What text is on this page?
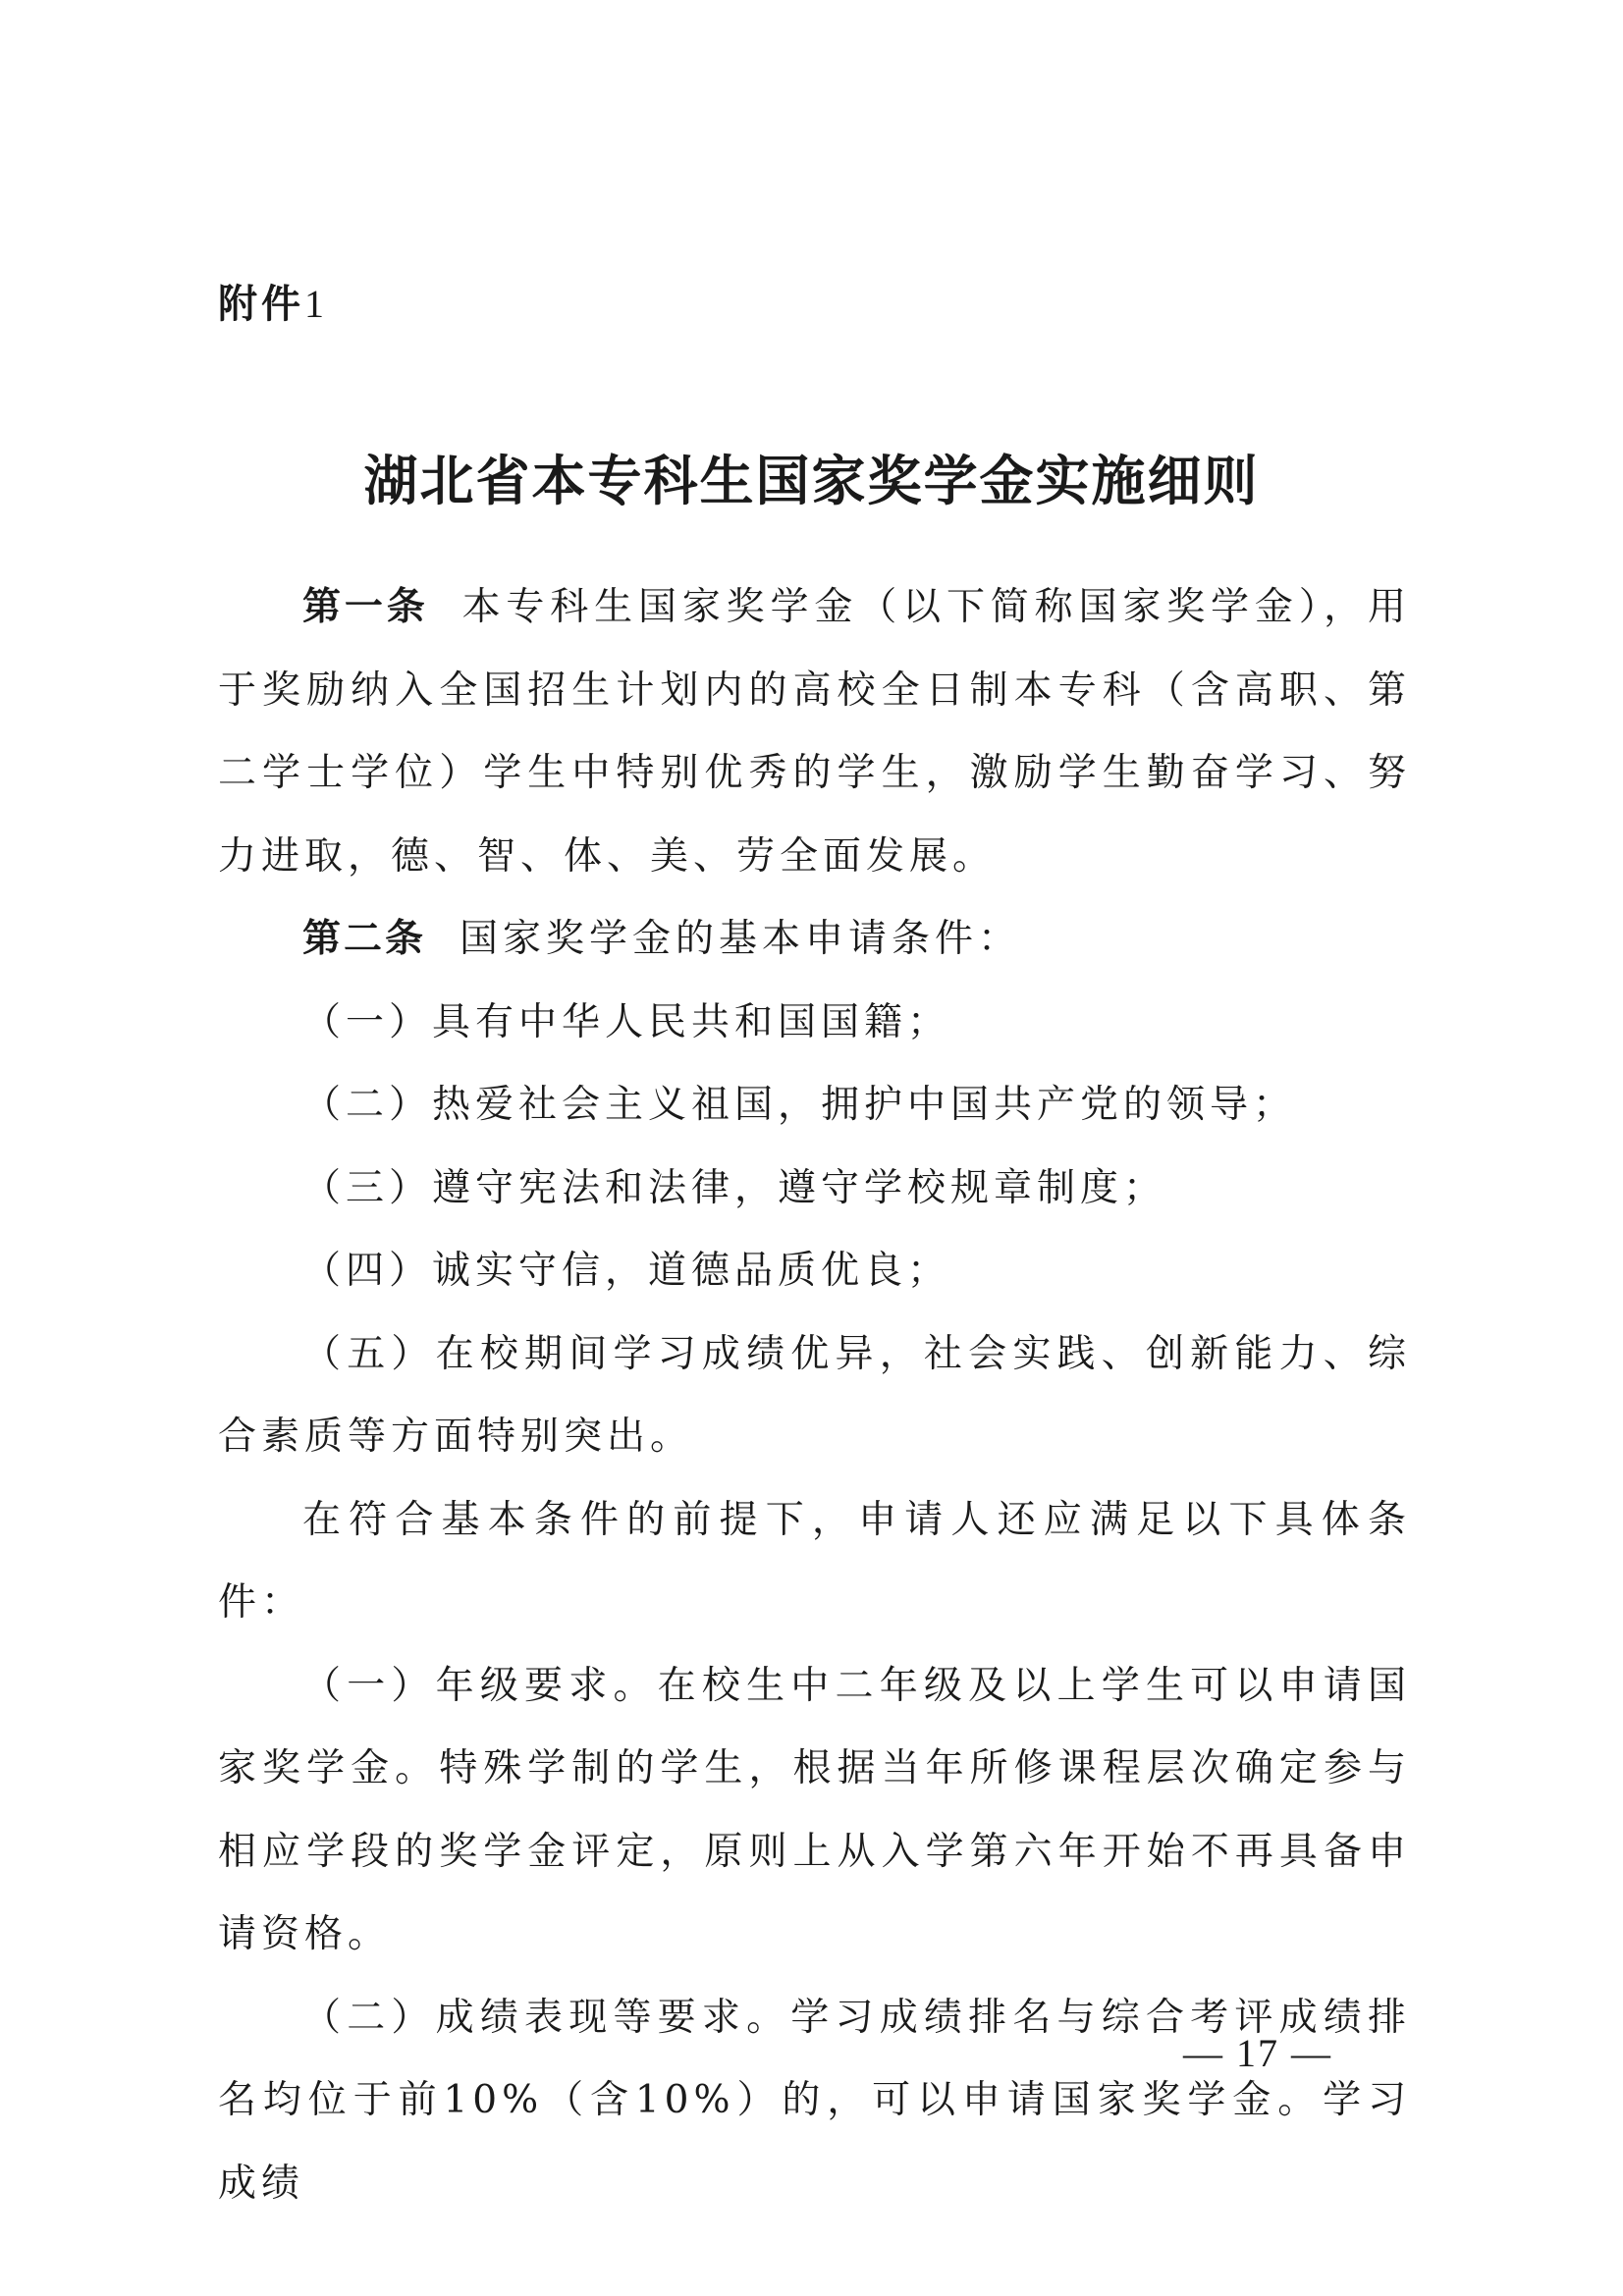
附件1
湖北省本专科生国家奖学金实施细则

第一条 本专科生国家奖学金（以下简称国家奖学金），用于奖励纳入全国招生计划内的高校全日制本专科（含高职、第二学士学位）学生中特别优秀的学生，激励学生勤奋学习、努力进取，德、智、体、美、劳全面发展。

第二条 国家奖学金的基本申请条件：

（一）具有中华人民共和国国籍；

（二）热爱社会主义祖国，拥护中国共产党的领导；

（三）遵守宪法和法律，遵守学校规章制度；

（四）诚实守信，道德品质优良；

（五）在校期间学习成绩优异，社会实践、创新能力、综合素质等方面特别突出。

在符合基本条件的前提下，申请人还应满足以下具体条件：

（一）年级要求。在校生中二年级及以上学生可以申请国家奖学金。特殊学制的学生，根据当年所修课程层次确定参与相应学段的奖学金评定，原则上从入学第六年开始不再具备申请资格。

（二）成绩表现等要求。学习成绩排名与综合考评成绩排名均位于前10%（含10%）的，可以申请国家奖学金。学习成绩

— 17 —
